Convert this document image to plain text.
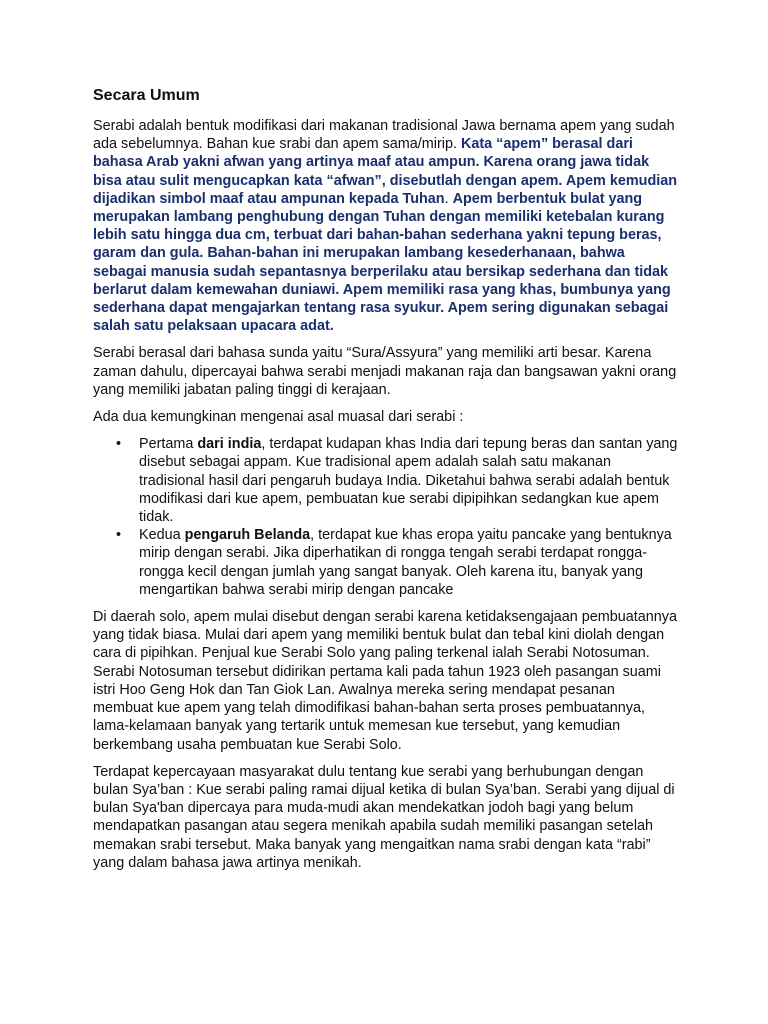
Secara Umum

Serabi adalah bentuk modifikasi dari makanan tradisional Jawa bernama apem yang sudah ada sebelumnya. Bahan kue srabi dan apem sama/mirip. Kata “apem” berasal dari bahasa Arab yakni afwan yang artinya maaf atau ampun. Karena orang jawa tidak bisa atau sulit mengucapkan kata “afwan”, disebutlah dengan apem. Apem kemudian dijadikan simbol maaf atau ampunan kepada Tuhan. Apem berbentuk bulat yang merupakan lambang penghubung dengan Tuhan dengan memiliki ketebalan kurang lebih satu hingga dua cm, terbuat dari bahan-bahan sederhana yakni tepung beras, garam dan gula. Bahan-bahan ini merupakan lambang kesederhanaan, bahwa sebagai manusia sudah sepantasnya berperilaku atau bersikap sederhana dan tidak berlarut dalam kemewahan duniawi. Apem memiliki rasa yang khas, bumbunya yang sederhana dapat mengajarkan tentang rasa syukur. Apem sering digunakan sebagai salah satu pelaksaan upacara adat.

Serabi berasal dari bahasa sunda yaitu “Sura/Assyura” yang memiliki arti besar. Karena zaman dahulu, dipercayai bahwa serabi menjadi makanan raja dan bangsawan yakni orang yang memiliki jabatan paling tinggi di kerajaan.

Ada dua kemungkinan mengenai asal muasal dari serabi :

• Pertama dari india, terdapat kudapan khas India dari tepung beras dan santan yang disebut sebagai appam. Kue tradisional apem adalah salah satu makanan tradisional hasil dari pengaruh budaya India. Diketahui bahwa serabi adalah bentuk modifikasi dari kue apem, pembuatan kue serabi dipipihkan sedangkan kue apem tidak.
• Kedua pengaruh Belanda, terdapat kue khas eropa yaitu pancake yang bentuknya mirip dengan serabi. Jika diperhatikan di rongga tengah serabi terdapat rongga-rongga kecil dengan jumlah yang sangat banyak. Oleh karena itu, banyak yang mengartikan bahwa serabi mirip dengan pancake

Di daerah solo, apem mulai disebut dengan serabi karena ketidaksengajaan pembuatannya yang tidak biasa. Mulai dari apem yang memiliki bentuk bulat dan tebal kini diolah dengan cara di pipihkan. Penjual kue Serabi Solo yang paling terkenal ialah Serabi Notosuman. Serabi Notosuman tersebut didirikan pertama kali pada tahun 1923 oleh pasangan suami istri Hoo Geng Hok dan Tan Giok Lan. Awalnya mereka sering mendapat pesanan membuat kue apem yang telah dimodifikasi bahan-bahan serta proses pembuatannya, lama-kelamaan banyak yang tertarik untuk memesan kue tersebut, yang kemudian berkembang usaha pembuatan kue Serabi Solo.

Terdapat kepercayaan masyarakat dulu tentang kue serabi yang berhubungan dengan bulan Sya’ban : Kue serabi paling ramai dijual ketika di bulan Sya’ban. Serabi yang dijual di bulan Sya'ban dipercaya para muda-mudi akan mendekatkan jodoh bagi yang belum mendapatkan pasangan atau segera menikah apabila sudah memiliki pasangan setelah memakan srabi tersebut. Maka banyak yang mengaitkan nama srabi dengan kata “rabi” yang dalam bahasa jawa artinya menikah.
